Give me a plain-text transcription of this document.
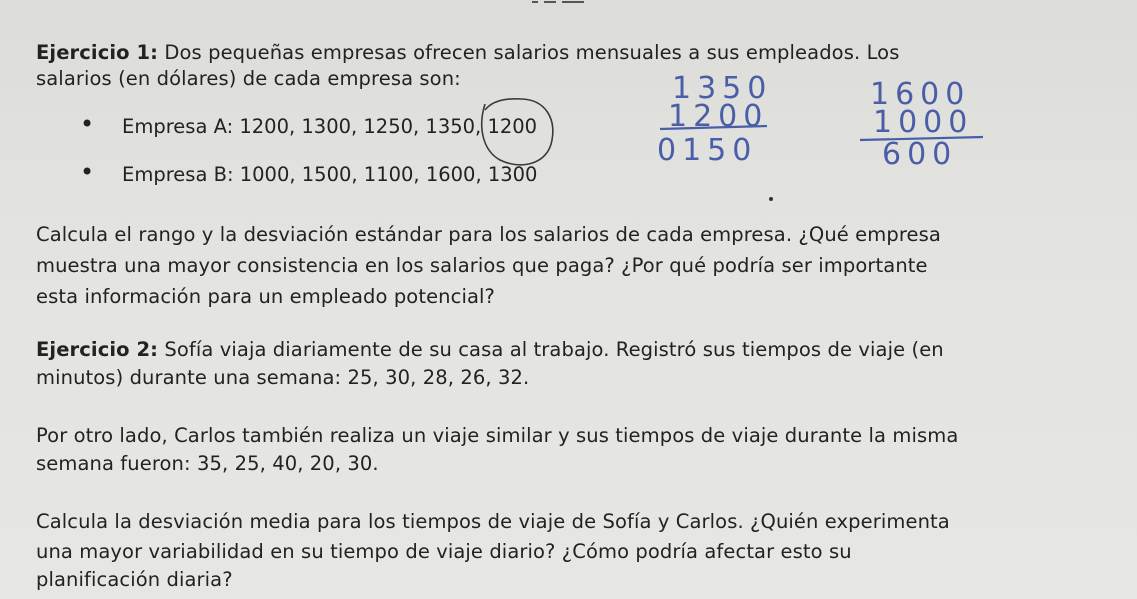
Ejercicio 1: Dos pequeñas empresas ofrecen salarios mensuales a sus empleados. Los
salarios (en dólares) de cada empresa son:
• Empresa A: 1200, 1300, 1250, 1350, 1200
• Empresa B: 1000, 1500, 1100, 1600, 1300
Calcula el rango y la desviación estándar para los salarios de cada empresa. ¿Qué empresa
muestra una mayor consistencia en los salarios que paga? ¿Por qué podría ser importante
esta información para un empleado potencial?
Ejercicio 2: Sofía viaja diariamente de su casa al trabajo. Registró sus tiempos de viaje (en
minutos) durante una semana: 25, 30, 28, 26, 32.
Por otro lado, Carlos también realiza un viaje similar y sus tiempos de viaje durante la misma
semana fueron: 35, 25, 40, 20, 30.
Calcula la desviación media para los tiempos de viaje de Sofía y Carlos. ¿Quién experimenta
una mayor variabilidad en su tiempo de viaje diario? ¿Cómo podría afectar esto su
planificación diaria?
1350
1200
0150
1600
1000
600
